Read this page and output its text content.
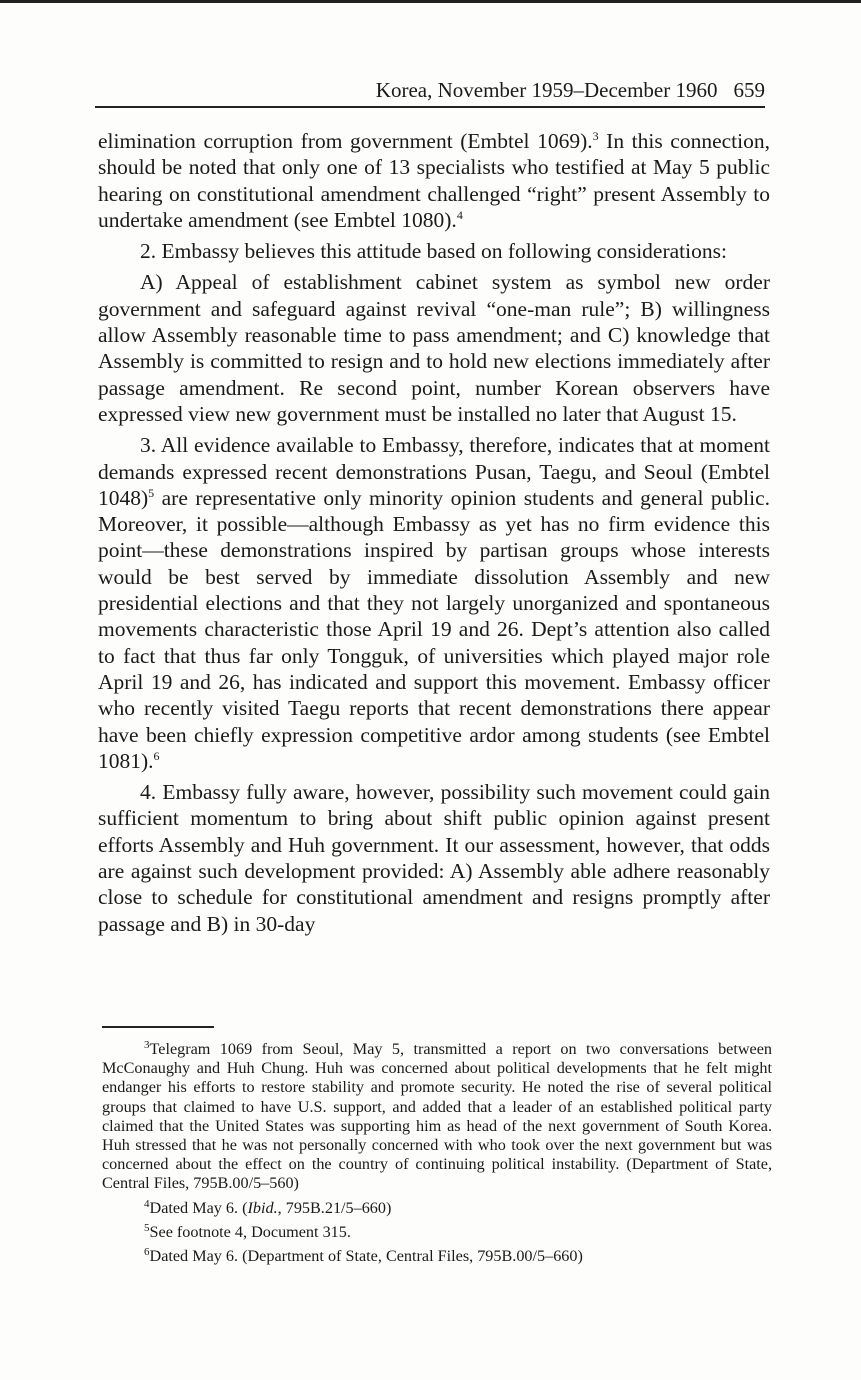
Korea, November 1959–December 1960 659

elimination corruption from government (Embtel 1069).$^3$ In this connection, should be noted that only one of 13 specialists who testified at May 5 public hearing on constitutional amendment challenged “right” present Assembly to undertake amendment (see Embtel 1080).$^4$

2. Embassy believes this attitude based on following considerations:

A) Appeal of establishment cabinet system as symbol new order government and safeguard against revival “one-man rule”; B) willingness allow Assembly reasonable time to pass amendment; and C) knowledge that Assembly is committed to resign and to hold new elections immediately after passage amendment. Re second point, number Korean observers have expressed view new government must be installed no later that August 15.

3. All evidence available to Embassy, therefore, indicates that at moment demands expressed recent demonstrations Pusan, Taegu, and Seoul (Embtel 1048)$^5$ are representative only minority opinion students and general public. Moreover, it possible—although Embassy as yet has no firm evidence this point—these demonstrations inspired by partisan groups whose interests would be best served by immediate dissolution Assembly and new presidential elections and that they not largely unorganized and spontaneous movements characteristic those April 19 and 26. Dept’s attention also called to fact that thus far only Tongguk, of universities which played major role April 19 and 26, has indicated and support this movement. Embassy officer who recently visited Taegu reports that recent demonstrations there appear have been chiefly expression competitive ardor among students (see Embtel 1081).$^6$

4. Embassy fully aware, however, possibility such movement could gain sufficient momentum to bring about shift public opinion against present efforts Assembly and Huh government. It our assessment, however, that odds are against such development provided: A) Assembly able adhere reasonably close to schedule for constitutional amendment and resigns promptly after passage and B) in 30-day

$^3$Telegram 1069 from Seoul, May 5, transmitted a report on two conversations between McConaughy and Huh Chung. Huh was concerned about political developments that he felt might endanger his efforts to restore stability and promote security. He noted the rise of several political groups that claimed to have U.S. support, and added that a leader of an established political party claimed that the United States was supporting him as head of the next government of South Korea. Huh stressed that he was not personally concerned with who took over the next government but was concerned about the effect on the country of continuing political instability. (Department of State, Central Files, 795B.00/5–560)

$^4$Dated May 6. (Ibid., 795B.21/5–660)

$^5$See footnote 4, Document 315.

$^6$Dated May 6. (Department of State, Central Files, 795B.00/5–660)
